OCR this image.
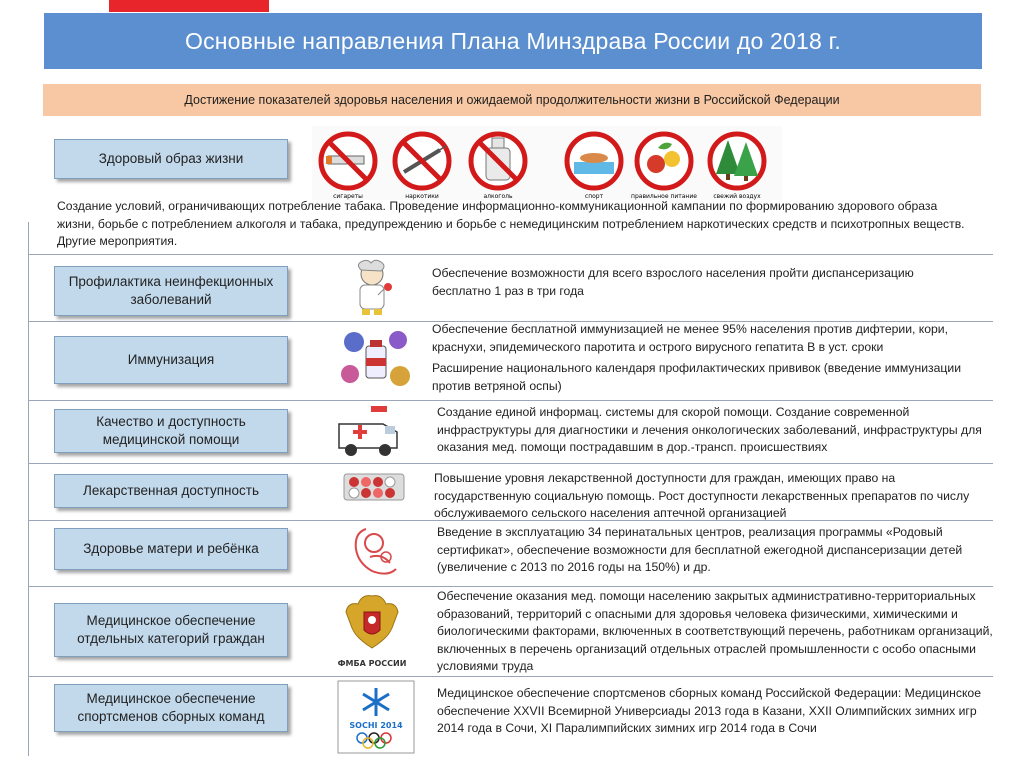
Основные направления Плана Минздрава России до 2018 г.
Достижение показателей здоровья населения и ожидаемой продолжительности жизни в Российской Федерации
Здоровый образ жизни
сигареты	наркотики	алкоголь	спорт	правильное питание	свежий воздух
Создание условий, ограничивающих потребление табака. Проведение информационно-коммуникационной кампании по формированию здорового образа жизни, борьбе с потреблением алкоголя и табака, предупреждению и борьбе с немедицинским потреблением наркотических средств и психотропных веществ. Другие мероприятия.
Профилактика неинфекционных заболеваний
Обеспечение возможности для всего взрослого населения пройти диспансеризацию бесплатно 1 раз в три года
Иммунизация
Обеспечение бесплатной иммунизацией не менее 95% населения против дифтерии, кори, краснухи, эпидемического паротита и острого вирусного гепатита В в уст. сроки
Расширение национального календаря профилактических прививок (введение иммунизации против ветряной оспы)
Качество и доступность медицинской помощи
Создание единой информац. системы для скорой помощи. Создание современной инфраструктуры для диагностики и лечения онкологических заболеваний, инфраструктуры для оказания мед. помощи пострадавшим в дор.-трансп. происшествиях
Лекарственная доступность
Повышение уровня лекарственной доступности для граждан, имеющих право на государственную социальную помощь. Рост доступности лекарственных препаратов по числу обслуживаемого сельского населения аптечной организацией
Здоровье матери и ребёнка
Введение в эксплуатацию 34 перинатальных центров, реализация программы «Родовый сертификат», обеспечение возможности для бесплатной ежегодной диспансеризации детей (увеличение с 2013 по 2016 годы на 150%) и др.
Медицинское обеспечение отдельных категорий граждан
ФМБА РОССИИ
Обеспечение оказания мед. помощи населению закрытых административно-территориальных образований, территорий с опасными для здоровья человека физическими, химическими и биологическими факторами, включенных в соответствующий перечень, работникам организаций, включенных в перечень организаций отдельных отраслей промышленности с особо опасными условиями труда
Медицинское обеспечение спортсменов сборных команд
SOCHI 2014
Медицинское обеспечение спортсменов сборных команд Российской Федерации: Медицинское обеспечение XXVII Всемирной Универсиады 2013 года в Казани, XXII Олимпийских зимних игр 2014 года в Сочи, XI Паралимпийских зимних игр 2014 года в Сочи
